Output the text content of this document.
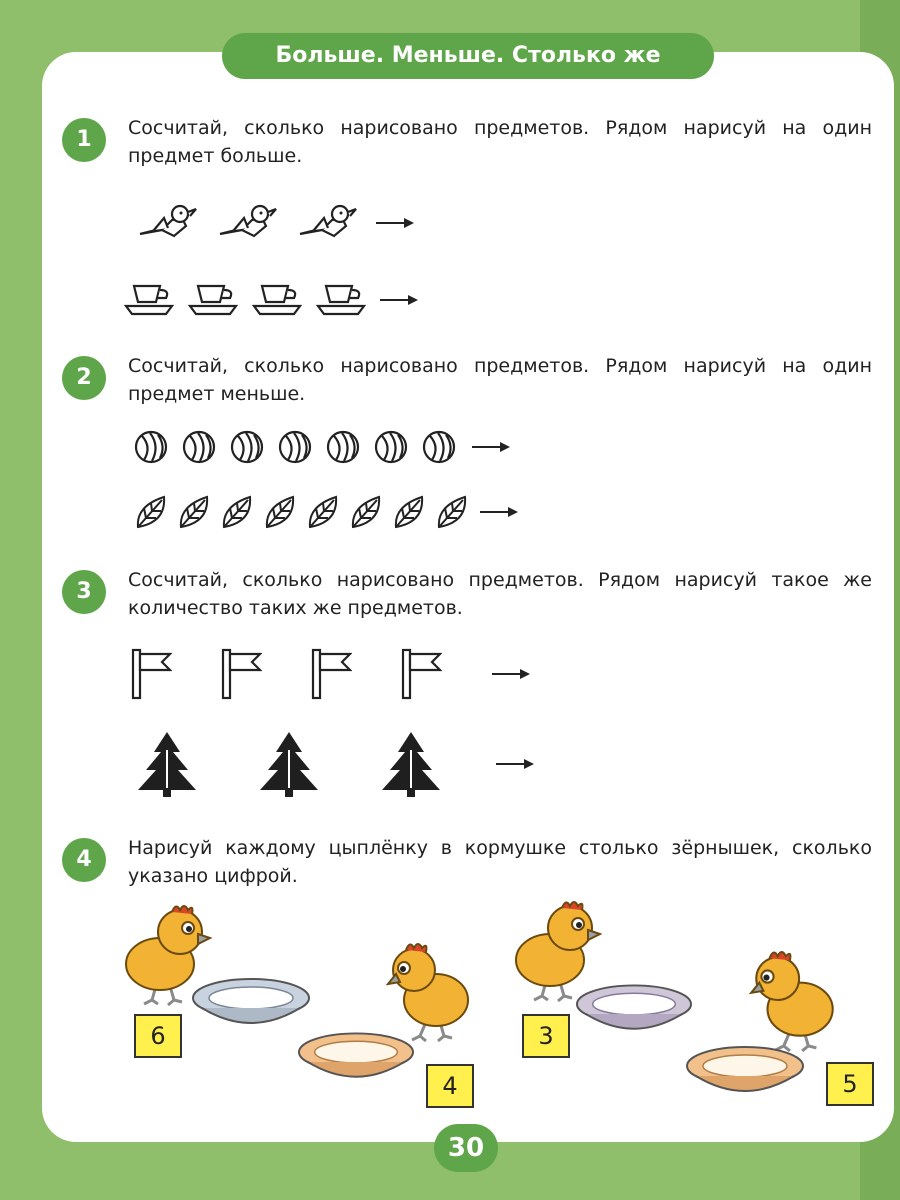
Больше. Меньше. Столько же
1	Сосчитай, сколько нарисовано предметов. Рядом нарисуй на один предмет больше.
2	Сосчитай, сколько нарисовано предметов. Рядом нарисуй на один предмет меньше.
3	Сосчитай, сколько нарисовано предметов. Рядом нарисуй такое же количество таких же предметов.
4	Нарисуй каждому цыплёнку в кормушке столько зёрнышек, сколько указано цифрой.
6
4
3
5
30
